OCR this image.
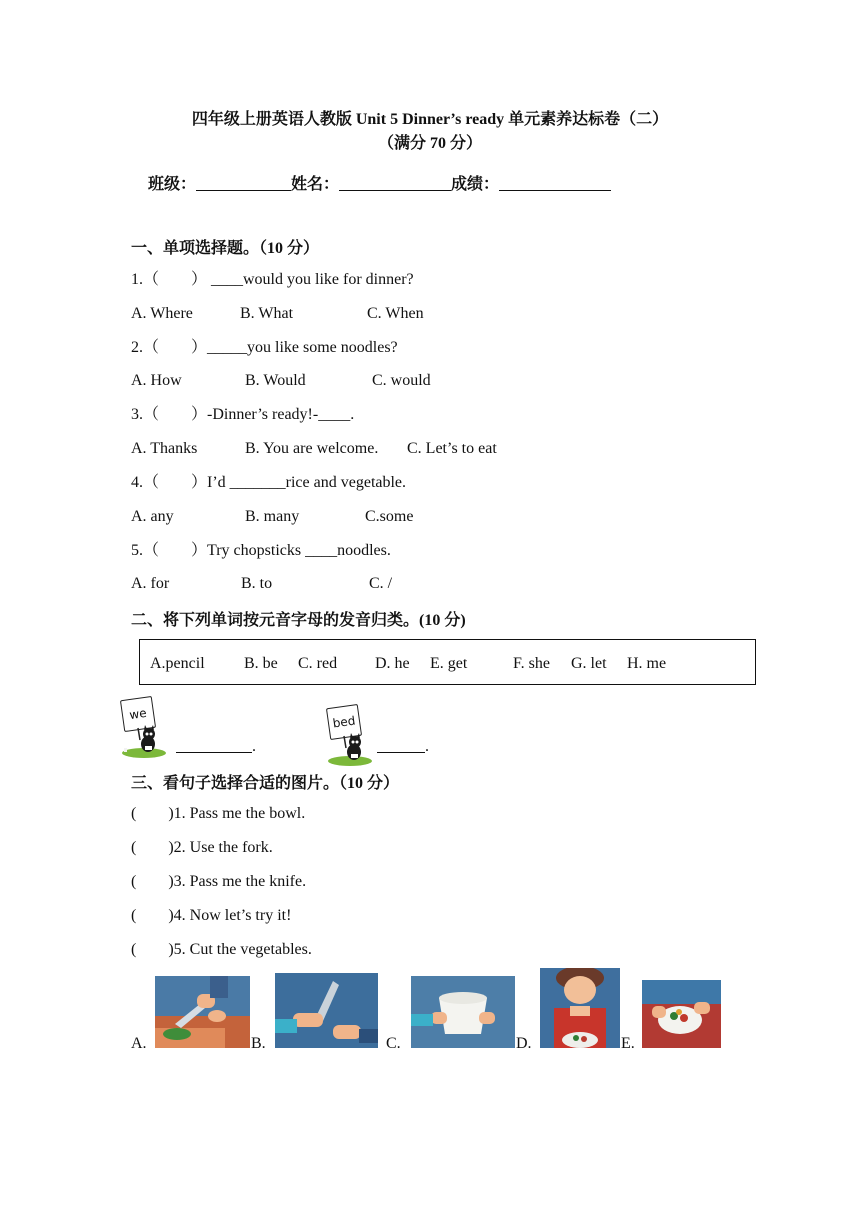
四年级上册英语人教版 Unit 5 Dinner’s ready 单元素养达标卷（二）
（满分 70 分）
班级：	姓名：	成绩：
一、单项选择题。（10 分）
1.（　　） ____would you like for dinner?
A. Where	B. What	C. When
2.（　　）_____you like some noodles?
A. How	B. Would	C. would
3.（　　）-Dinner’s ready!-____.
A. Thanks	B. You are welcome. C. Let’s to eat
4.（　　）I’d _______rice and vegetable.
A. any	B. many	C.some
5.（　　）Try chopsticks ____noodles.
A. for	B. to	C. /
二、将下列单词按元音字母的发音归类。(10 分)
A.pencil B. be C. red D. he E. get	F. she G. let H. me
we
.
bed
.
三、看句子选择合适的图片。（10 分）
(　　)1. Pass me the bowl.
(　　)2. Use the fork.
(　　)3. Pass me the knife.
(　　)4. Now let’s try it!
(　　)5. Cut the vegetables.
A.	B.	C.	D.	E.
